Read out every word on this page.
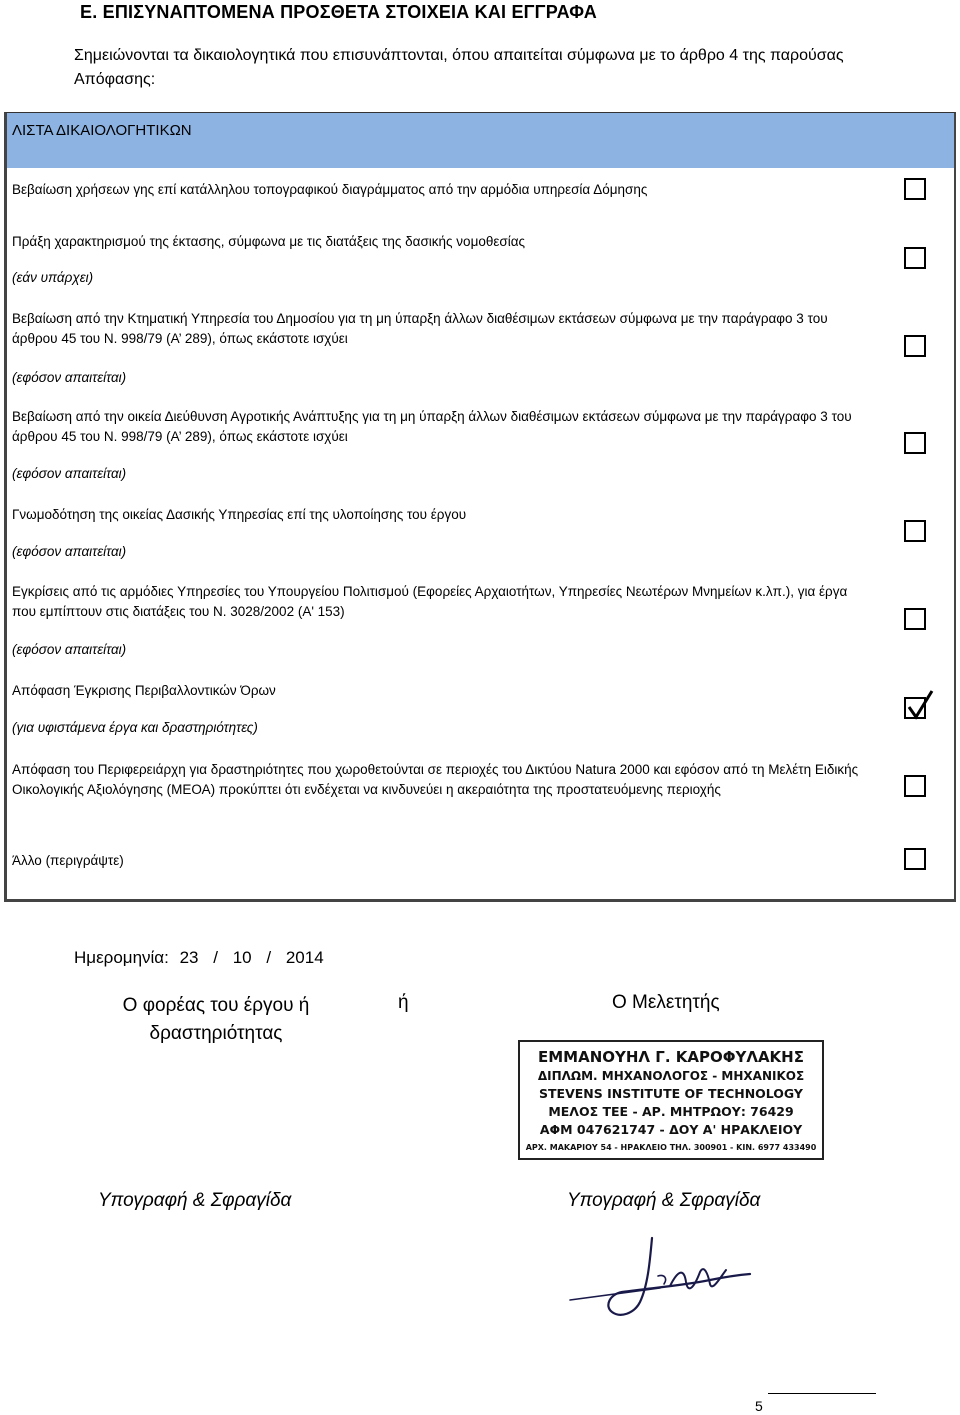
Ε. ΕΠΙΣΥΝΑΠΤΟΜΕΝΑ ΠΡΟΣΘΕΤΑ ΣΤΟΙΧΕΙΑ ΚΑΙ ΕΓΓΡΑΦΑ
Σημειώνονται τα δικαιολογητικά που επισυνάπτονται, όπου απαιτείται σύμφωνα με το άρθρο 4 της παρούσας Απόφασης:
ΛΙΣΤΑ ΔΙΚΑΙΟΛΟΓΗΤΙΚΩΝ
Βεβαίωση χρήσεων γης επί κατάλληλου τοπογραφικού διαγράμματος από την αρμόδια υπηρεσία Δόμησης
Πράξη χαρακτηρισμού της έκτασης, σύμφωνα με τις διατάξεις της δασικής νομοθεσίας
(εάν υπάρχει)
Βεβαίωση από την Κτηματική Υπηρεσία του Δημοσίου για τη μη ύπαρξη άλλων διαθέσιμων εκτάσεων σύμφωνα με την παράγραφο 3 του άρθρου 45 του Ν. 998/79 (Α’ 289), όπως εκάστοτε ισχύει
(εφόσον απαιτείται)
Βεβαίωση από την οικεία Διεύθυνση Αγροτικής Ανάπτυξης για τη μη ύπαρξη άλλων διαθέσιμων εκτάσεων σύμφωνα με την παράγραφο 3 του άρθρου 45 του Ν. 998/79 (Α’ 289), όπως εκάστοτε ισχύει
(εφόσον απαιτείται)
Γνωμοδότηση της οικείας Δασικής Υπηρεσίας επί της υλοποίησης του έργου
(εφόσον απαιτείται)
Εγκρίσεις από τις αρμόδιες Υπηρεσίες του Υπουργείου Πολιτισμού (Εφορείες Αρχαιοτήτων, Υπηρεσίες Νεωτέρων Μνημείων κ.λπ.), για έργα που εμπίπτουν στις διατάξεις του Ν. 3028/2002 (Α' 153)
(εφόσον απαιτείται)
Απόφαση Έγκρισης Περιβαλλοντικών Όρων
(για υφιστάμενα έργα και δραστηριότητες)
Απόφαση του Περιφερειάρχη για δραστηριότητες που χωροθετούνται σε περιοχές του Δικτύου Natura 2000 και εφόσον από τη Μελέτη Ειδικής Οικολογικής Αξιολόγησης (ΜΕΟΑ) προκύπτει ότι ενδέχεται να κινδυνεύει η ακεραιότητα της προστατευόμενης περιοχής
Άλλο (περιγράψτε)
Ημερομηνία: 23 / 10 / 2014
Ο φορέας του έργου ή δραστηριότητας
ή	Ο Μελετητής
ΕΜΜΑΝΟΥΗΛ Γ. ΚΑΡΟΦΥΛΑΚΗΣ
ΔΙΠΛΩΜ. ΜΗΧΑΝΟΛΟΓΟΣ - ΜΗΧΑΝΙΚΟΣ
STEVENS INSTITUTE OF TECHNOLOGY
ΜΕΛΟΣ ΤΕΕ - ΑΡ. ΜΗΤΡΩΟΥ: 76429
ΑΦΜ 047621747 - ΔΟΥ Α' ΗΡΑΚΛΕΙΟΥ
ΑΡΧ. ΜΑΚΑΡΙΟΥ 54 - ΗΡΑΚΛΕΙΟ ΤΗΛ. 300901 - ΚΙΝ. 6977 433490
Υπογραφή & Σφραγίδα	Υπογραφή & Σφραγίδα
5
